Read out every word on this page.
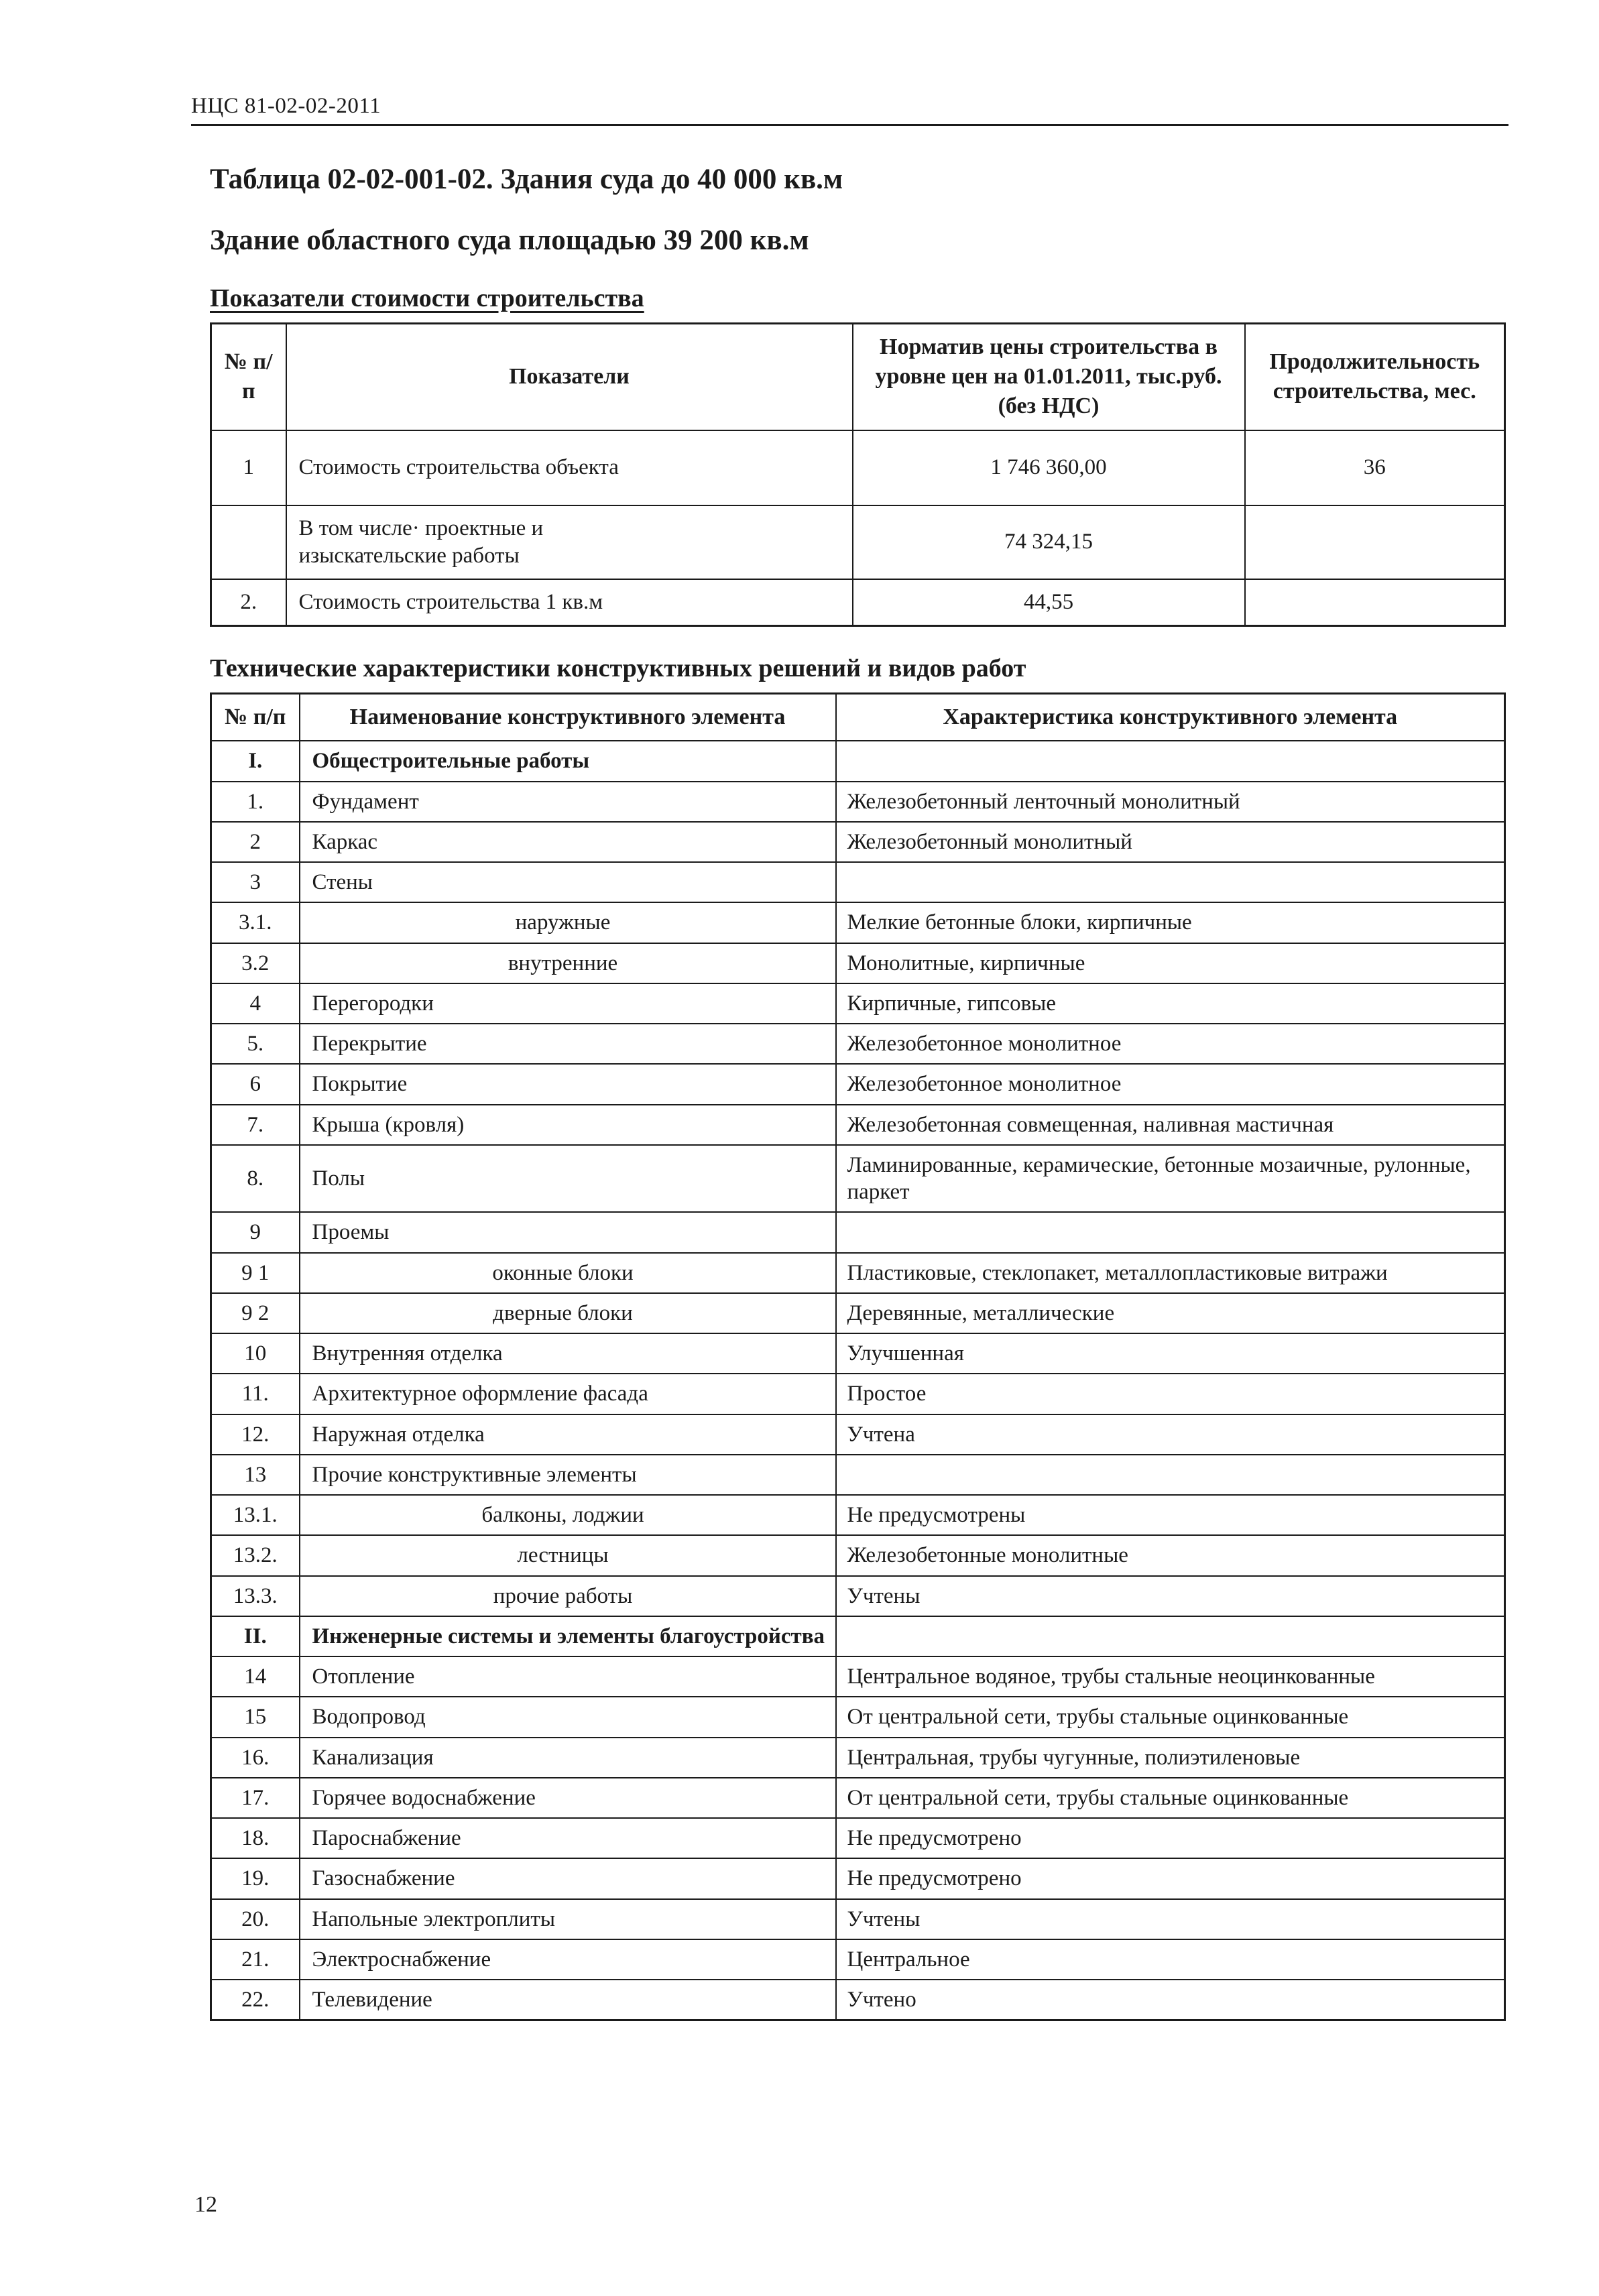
НЦС 81-02-02-2011
Таблица 02-02-001-02. Здания суда до 40 000 кв.м
Здание областного суда площадью 39 200 кв.м
Показатели стоимости строительства
№ п/п	Показатели	Норматив цены строительства в уровне цен на 01.01.2011, тыс.руб. (без НДС)	Продолжительность строительства, мес.
1	Стоимость строительства объекта	1 746 360,00	36
	В том числе· проектные и изыскательские работы	74 324,15	
2.	Стоимость строительства 1 кв.м	44,55	
Технические характеристики конструктивных решений и видов работ
№ п/п	Наименование конструктивного элемента	Характеристика конструктивного элемента
I.	Общестроительные работы	
1.	Фундамент	Железобетонный ленточный монолитный
2	Каркас	Железобетонный монолитный
3	Стены	
3.1.	наружные	Мелкие бетонные блоки, кирпичные
3.2	внутренние	Монолитные, кирпичные
4	Перегородки	Кирпичные, гипсовые
5.	Перекрытие	Железобетонное монолитное
6	Покрытие	Железобетонное монолитное
7.	Крыша (кровля)	Железобетонная совмещенная, наливная мастичная
8.	Полы	Ламинированные, керамические, бетонные мозаичные, рулонные, паркет
9	Проемы	
9 1	оконные блоки	Пластиковые, стеклопакет, металлопластиковые витражи
9 2	дверные блоки	Деревянные, металлические
10	Внутренняя отделка	Улучшенная
11.	Архитектурное оформление фасада	Простое
12.	Наружная отделка	Учтена
13	Прочие конструктивные элементы	
13.1.	балконы, лоджии	Не предусмотрены
13.2.	лестницы	Железобетонные монолитные
13.3.	прочие работы	Учтены
II.	Инженерные системы и элементы благоустройства	
14	Отопление	Центральное водяное, трубы стальные неоцинкованные
15	Водопровод	От центральной сети, трубы стальные оцинкованные
16.	Канализация	Центральная, трубы чугунные, полиэтиленовые
17.	Горячее водоснабжение	От центральной сети, трубы стальные оцинкованные
18.	Пароснабжение	Не предусмотрено
19.	Газоснабжение	Не предусмотрено
20.	Напольные электроплиты	Учтены
21.	Электроснабжение	Центральное
22.	Телевидение	Учтено
12
